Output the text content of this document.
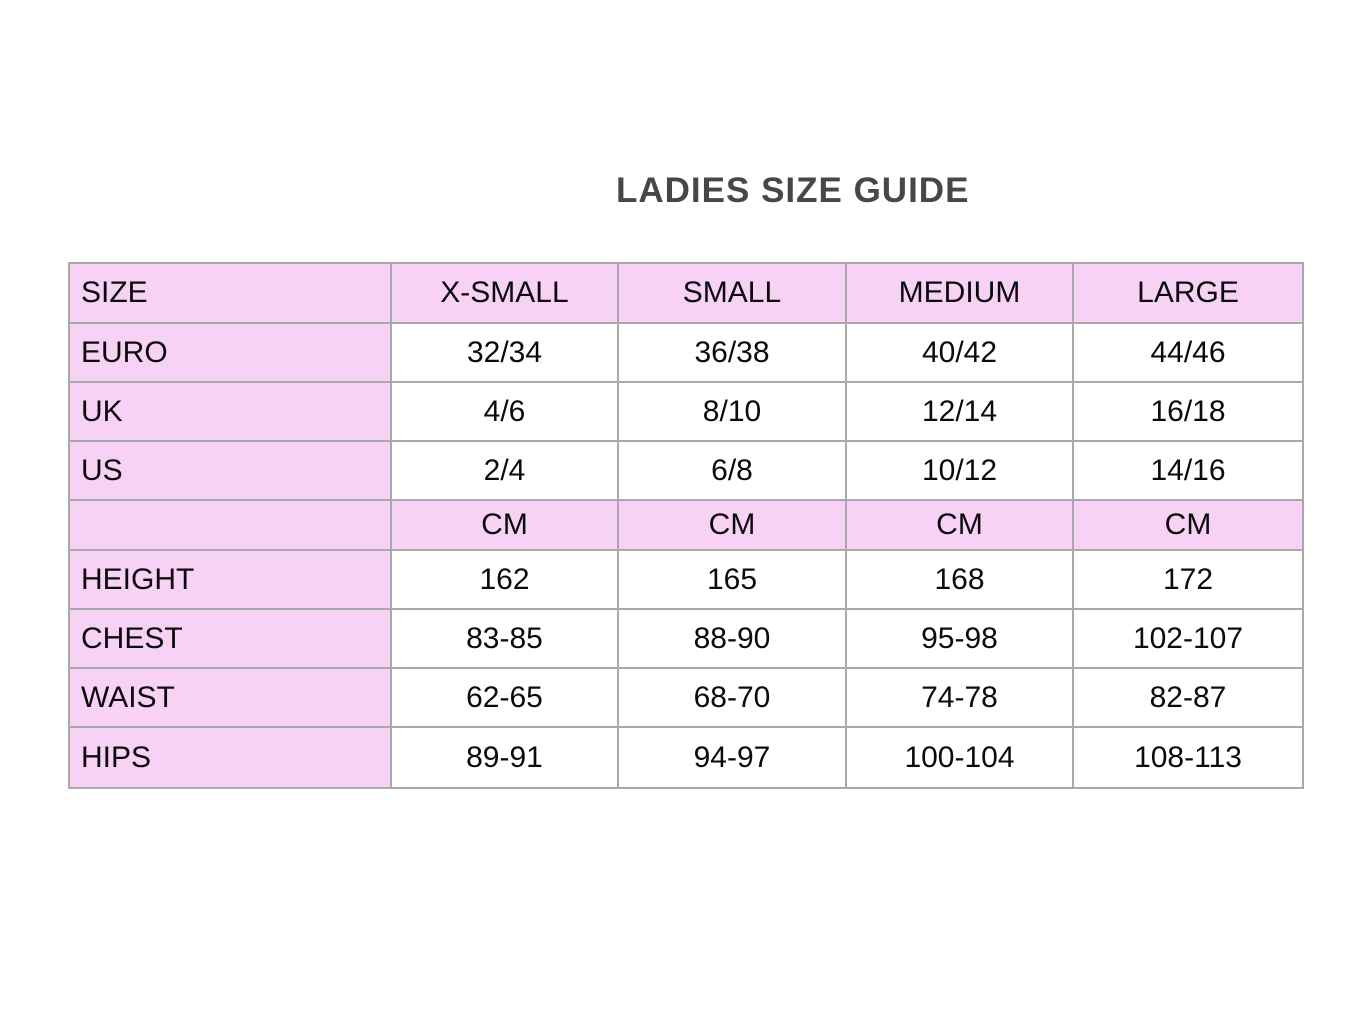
LADIES SIZE GUIDE
SIZE	X-SMALL	SMALL	MEDIUM	LARGE
EURO	32/34	36/38	40/42	44/46
UK	4/6	8/10	12/14	16/18
US	2/4	6/8	10/12	14/16
	CM	CM	CM	CM
HEIGHT	162	165	168	172
CHEST	83-85	88-90	95-98	102-107
WAIST	62-65	68-70	74-78	82-87
HIPS	89-91	94-97	100-104	108-113
